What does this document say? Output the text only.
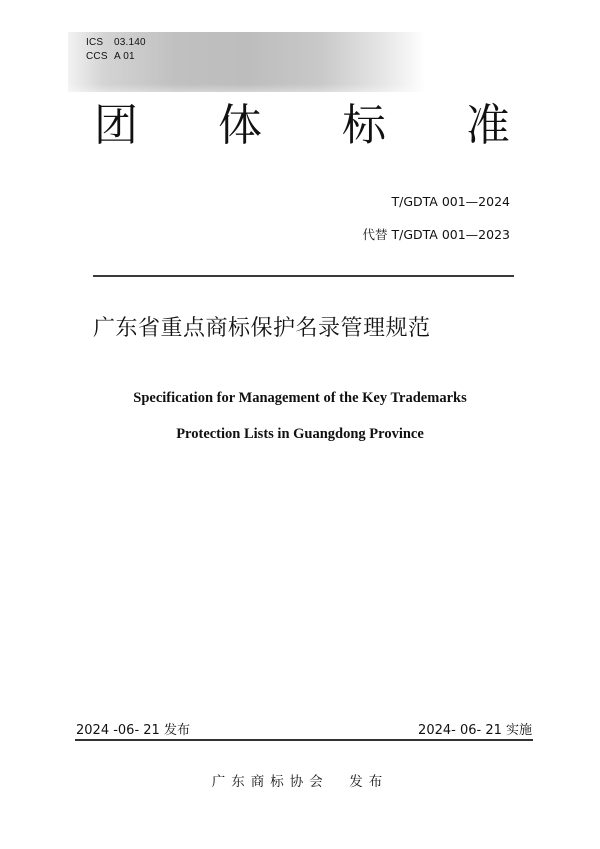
ICS 03.140
CCS A 01
团 体 标 准
T/GDTA 001—2024
代替 T/GDTA 001—2023
广东省重点商标保护名录管理规范
Specification for Management of the Key Trademarks
Protection Lists in Guangdong Province
2024 -06- 21 发布	2024- 06- 21 实施
广东商标协会  发布
